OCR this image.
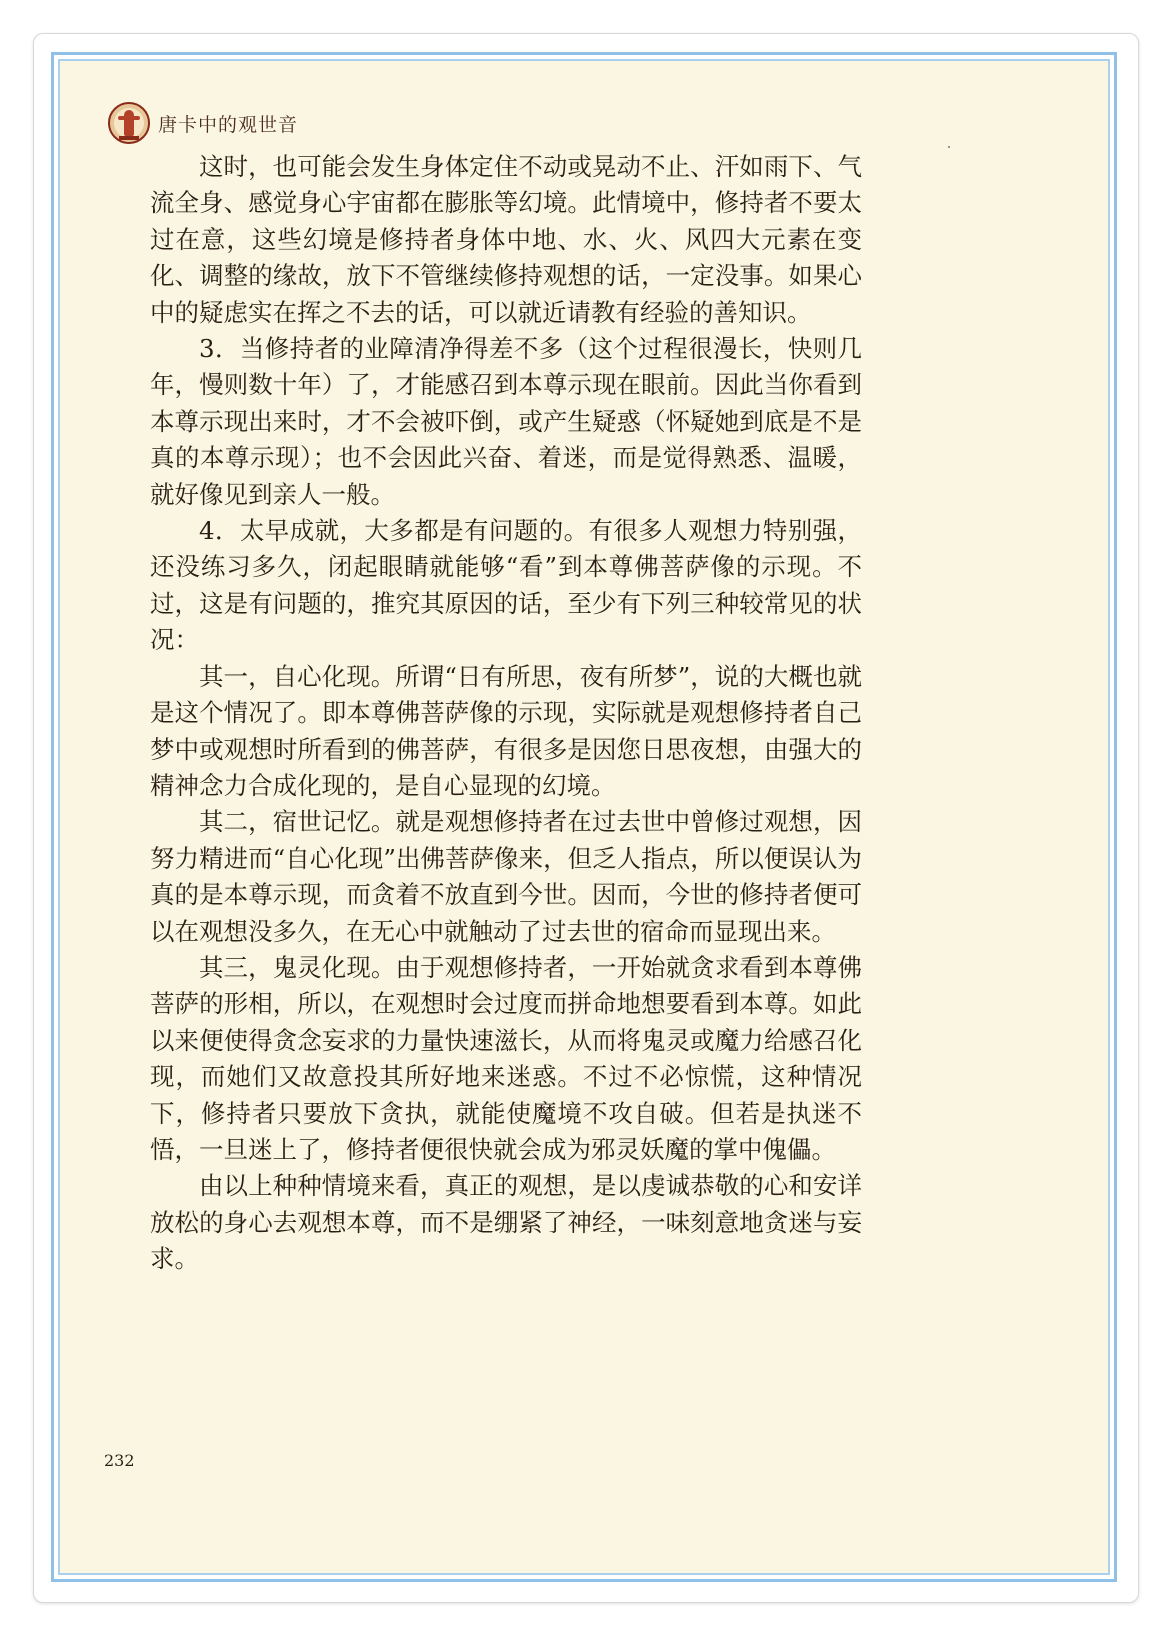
唐卡中的观世音

这时，也可能会发生身体定住不动或晃动不止、汗如雨下、气流全身、感觉身心宇宙都在膨胀等幻境。此情境中，修持者不要太过在意，这些幻境是修持者身体中地、水、火、风四大元素在变化、调整的缘故，放下不管继续修持观想的话，一定没事。如果心中的疑虑实在挥之不去的话，可以就近请教有经验的善知识。

3．当修持者的业障清净得差不多（这个过程很漫长，快则几年，慢则数十年）了，才能感召到本尊示现在眼前。因此当你看到本尊示现出来时，才不会被吓倒，或产生疑惑（怀疑她到底是不是真的本尊示现）；也不会因此兴奋、着迷，而是觉得熟悉、温暖，就好像见到亲人一般。

4．太早成就，大多都是有问题的。有很多人观想力特别强，还没练习多久，闭起眼睛就能够“看”到本尊佛菩萨像的示现。不过，这是有问题的，推究其原因的话，至少有下列三种较常见的状况：

其一，自心化现。所谓“日有所思，夜有所梦”，说的大概也就是这个情况了。即本尊佛菩萨像的示现，实际就是观想修持者自己梦中或观想时所看到的佛菩萨，有很多是因您日思夜想，由强大的精神念力合成化现的，是自心显现的幻境。

其二，宿世记忆。就是观想修持者在过去世中曾修过观想，因努力精进而“自心化现”出佛菩萨像来，但乏人指点，所以便误认为真的是本尊示现，而贪着不放直到今世。因而，今世的修持者便可以在观想没多久，在无心中就触动了过去世的宿命而显现出来。

其三，鬼灵化现。由于观想修持者，一开始就贪求看到本尊佛菩萨的形相，所以，在观想时会过度而拼命地想要看到本尊。如此以来便使得贪念妄求的力量快速滋长，从而将鬼灵或魔力给感召化现，而她们又故意投其所好地来迷惑。不过不必惊慌，这种情况下，修持者只要放下贪执，就能使魔境不攻自破。但若是执迷不悟，一旦迷上了，修持者便很快就会成为邪灵妖魔的掌中傀儡。

由以上种种情境来看，真正的观想，是以虔诚恭敬的心和安详放松的身心去观想本尊，而不是绷紧了神经，一味刻意地贪迷与妄求。

232
